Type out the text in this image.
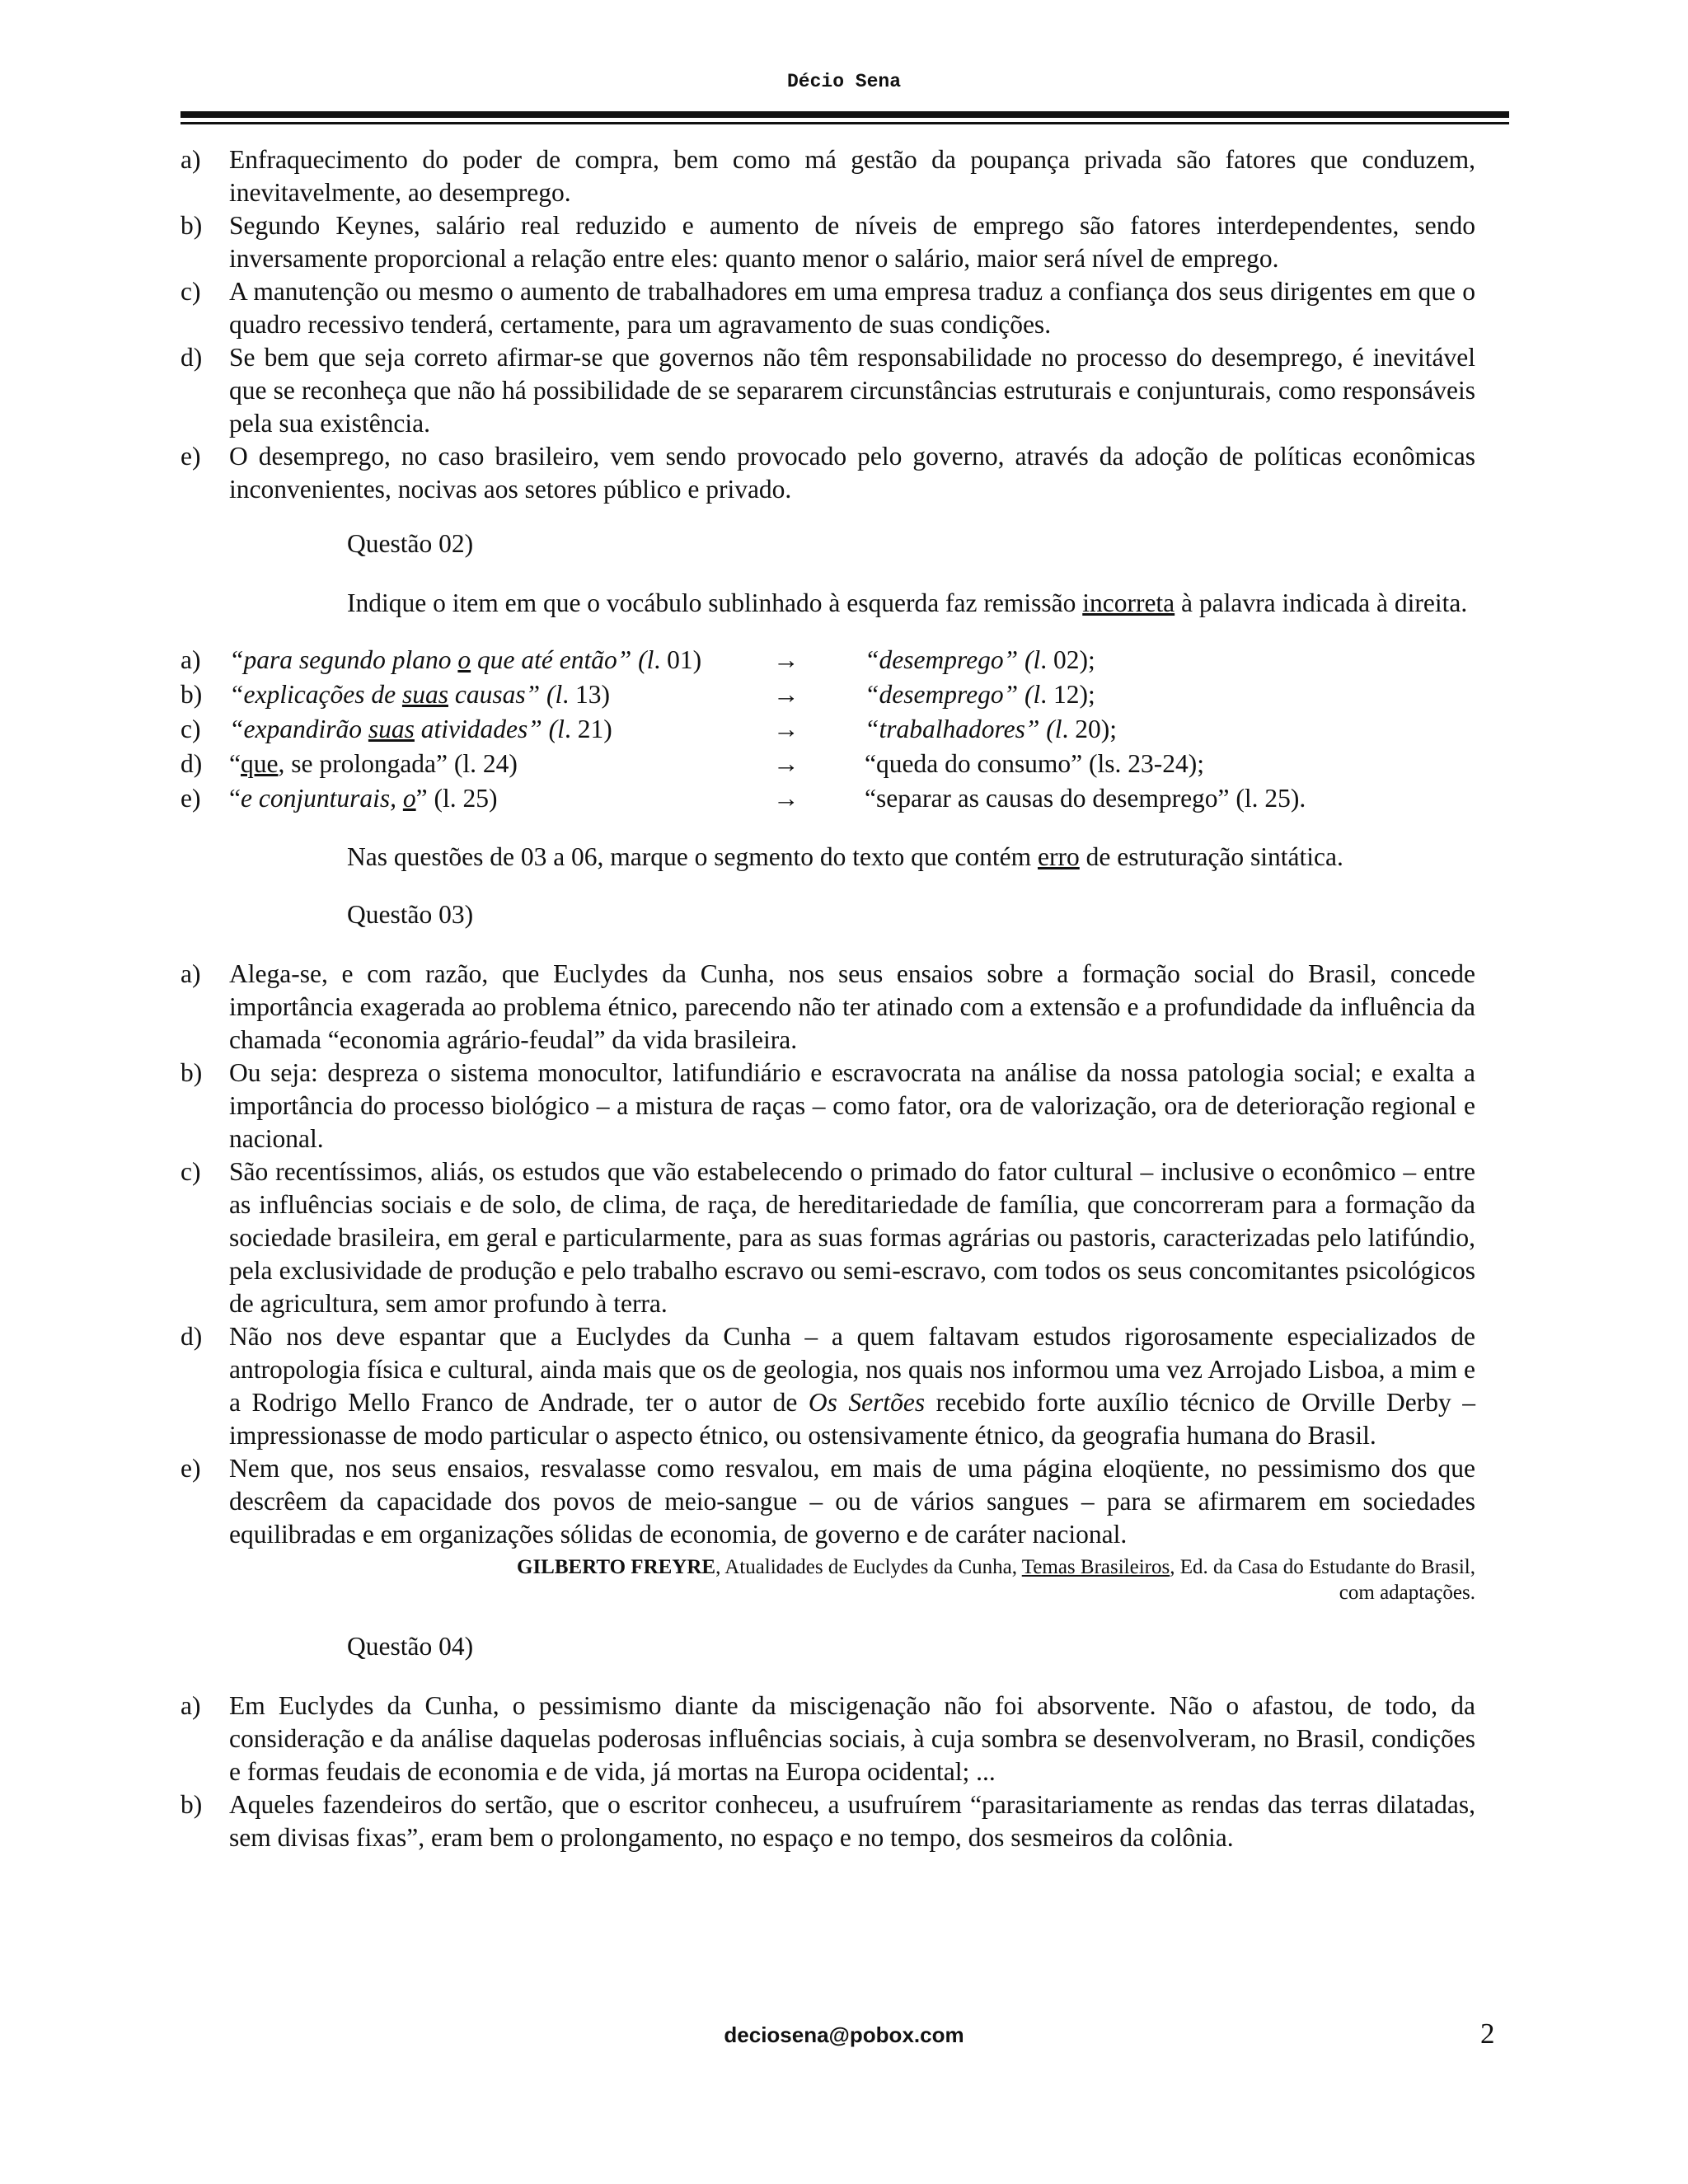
Décio Sena
a)	Enfraquecimento do poder de compra, bem como má gestão da poupança privada são fatores que conduzem, inevitavelmente, ao desemprego.
b)	Segundo Keynes, salário real reduzido e aumento de níveis de emprego são fatores interdependentes, sendo inversamente proporcional a relação entre eles: quanto menor o salário, maior será nível de emprego.
c)	A manutenção ou mesmo o aumento de trabalhadores em uma empresa traduz a confiança dos seus dirigentes em que o quadro recessivo tenderá, certamente, para um agravamento de suas condições.
d)	Se bem que seja correto afirmar-se que governos não têm responsabilidade no processo do desemprego, é inevitável que se reconheça que não há possibilidade de se separarem circunstâncias estruturais e conjunturais, como responsáveis pela sua existência.
e)	O desemprego, no caso brasileiro, vem sendo provocado pelo governo, através da adoção de políticas econômicas inconvenientes, nocivas aos setores público e privado.
Questão 02)
Indique o item em que o vocábulo sublinhado à esquerda faz remissão incorreta à palavra indicada à direita.
a)	“para segundo plano o que até então” (l. 01)	→	“desemprego” (l. 02);
b)	“explicações de suas causas” (l. 13)	→	“desemprego” (l. 12);
c)	“expandirão suas atividades” (l. 21)	→	“trabalhadores” (l. 20);
d)	“que, se prolongada” (l. 24)	→	“queda do consumo” (ls. 23-24);
e)	“e conjunturais, o” (l. 25)	→	“separar as causas do desemprego” (l. 25).
Nas questões de 03 a 06, marque o segmento do texto que contém erro de estruturação sintática.
Questão 03)
a)	Alega-se, e com razão, que Euclydes da Cunha, nos seus ensaios sobre a formação social do Brasil, concede importância exagerada ao problema étnico, parecendo não ter atinado com a extensão e a profundidade da influência da chamada “economia agrário-feudal” da vida brasileira.
b)	Ou seja: despreza o sistema monocultor, latifundiário e escravocrata na análise da nossa patologia social; e exalta a importância do processo biológico – a mistura de raças – como fator, ora de valorização, ora de deterioração regional e nacional.
c)	São recentíssimos, aliás, os estudos que vão estabelecendo o primado do fator cultural – inclusive o econômico – entre as influências sociais e de solo, de clima, de raça, de hereditariedade de família, que concorreram para a formação da sociedade brasileira, em geral e particularmente, para as suas formas agrárias ou pastoris, caracterizadas pelo latifúndio, pela exclusividade de produção e pelo trabalho escravo ou semi-escravo, com todos os seus concomitantes psicológicos de agricultura, sem amor profundo à terra.
d)	Não nos deve espantar que a Euclydes da Cunha – a quem faltavam estudos rigorosamente especializados de antropologia física e cultural, ainda mais que os de geologia, nos quais nos informou uma vez Arrojado Lisboa, a mim e a Rodrigo Mello Franco de Andrade, ter o autor de Os Sertões recebido forte auxílio técnico de Orville Derby – impressionasse de modo particular o aspecto étnico, ou ostensivamente étnico, da geografia humana do Brasil.
e)	Nem que, nos seus ensaios, resvalasse como resvalou, em mais de uma página eloqüente, no pessimismo dos que descrêem da capacidade dos povos de meio-sangue – ou de vários sangues – para se afirmarem em sociedades equilibradas e em organizações sólidas de economia, de governo e de caráter nacional.
GILBERTO FREYRE, Atualidades de Euclydes da Cunha, Temas Brasileiros, Ed. da Casa do Estudante do Brasil,
com adaptações.
Questão 04)
a)	Em Euclydes da Cunha, o pessimismo diante da miscigenação não foi absorvente. Não o afastou, de todo, da consideração e da análise daquelas poderosas influências sociais, à cuja sombra se desenvolveram, no Brasil, condições e formas feudais de economia e de vida, já mortas na Europa ocidental; ...
b)	Aqueles fazendeiros do sertão, que o escritor conheceu, a usufruírem “parasitariamente as rendas das terras dilatadas, sem divisas fixas”, eram bem o prolongamento, no espaço e no tempo, dos sesmeiros da colônia.
deciosena@pobox.com	2
